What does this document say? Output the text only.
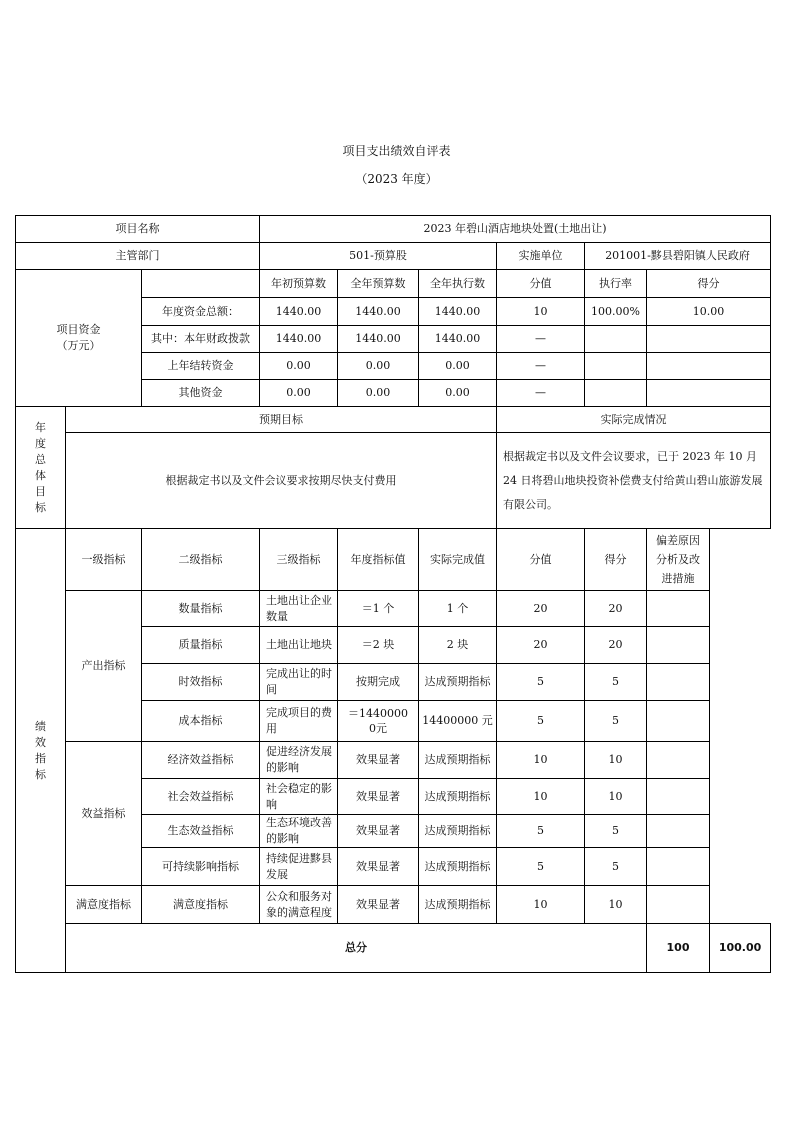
项目支出绩效自评表
（2023 年度）
项目名称			2023 年碧山酒店地块处置(土地出让)							
主管部门			501-预算股			实施单位	201001-黟县碧阳镇人民政府			

项目资金
（万元）			年初预算数	全年预算数	全年执行数	分值	执行率	得分		
		年度资金总额：	1440.00	1440.00	1440.00	10	100.00%	10.00		
		其中：本年财政拨款	1440.00	1440.00	1440.00	—				
		上年结转资金	0.00	0.00	0.00	—				
		其他资金	0.00	0.00	0.00	—				
年度总体目标	预期目标					实际完成情况				
	根据裁定书以及文件会议要求按期尽快支付费用					根据裁定书以及文件会议要求，已于 2023 年 10 月 24 日将碧山地块投资补偿费支付给黄山碧山旅游发展有限公司。				
绩效指标	一级指标	二级指标	三级指标	年度指标值	实际完成值	分值	得分	偏差原因分析及改进措施		
	产出指标	数量指标	土地出让企业数量	＝1 个	1 个	20	20			
		质量指标	土地出让地块	＝2 块	2 块	20	20			
		时效指标	完成出让的时间	按期完成	达成预期指标	5	5			
		成本指标	完成项目的费用	＝14400000元	14400000 元	5	5			
	效益指标	经济效益指标	促进经济发展的影响	效果显著	达成预期指标	10	10			
		社会效益指标	社会稳定的影响	效果显著	达成预期指标	10	10			
		生态效益指标	生态环境改善的影响	效果显著	达成预期指标	5	5			
		可持续影响指标	持续促进黟县发展	效果显著	达成预期指标	5	5			
	满意度指标	满意度指标	公众和服务对象的满意程度	效果显著	达成预期指标	10	10			
	总分							100	100.00	
